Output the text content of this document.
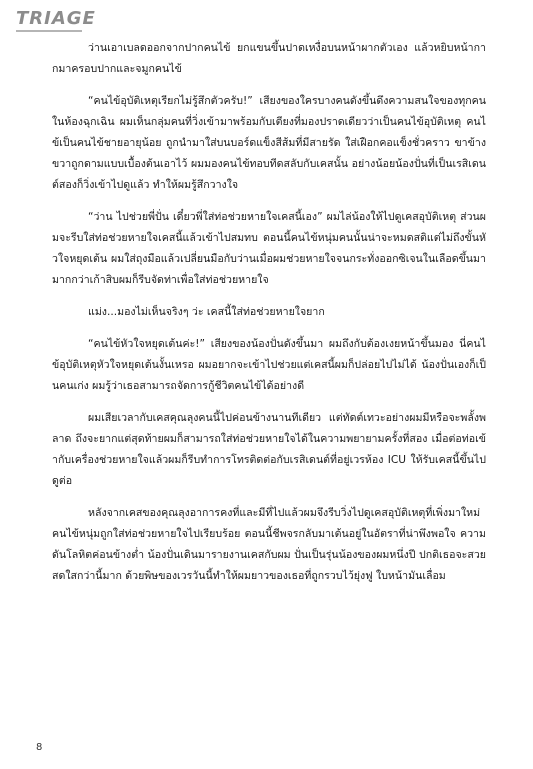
TRIAGE

ว่านเอาเบลดออกจากปากคนไข้ ยกแขนขึ้นปาดเหงื่อบนหน้าผากตัวเอง แล้วหยิบหน้ากากมาครอบปากและจมูกคนไข้

“คนไข้อุบัติเหตุเรียกไม่รู้สึกตัวครับ!” เสียงของใครบางคนดังขึ้นดึงความสนใจของทุกคนในห้องฉุกเฉิน ผมเห็นกลุ่มคนที่วิ่งเข้ามาพร้อมกับเตียงที่มองปราดเดียวว่าเป็นคนไข้อุบัติเหตุ คนไข้เป็นคนไข้ชายอายุน้อย ถูกนำมาใส่บนบอร์ดแข็งสีส้มที่มีสายรัด ใส่เฝือกคอแข็งชั่วคราว ขาข้างขวาถูกดามแบบเบื้องต้นเอาไว้ ผมมองคนไข้ทอบทีดสลับกับเคสนั้น อย่างน้อยน้องปั่นที่เป็นเรสิเดนต์สองก็วิ่งเข้าไปดูแล้ว ทำให้ผมรู้สึกวางใจ

“ว่าน ไปช่วยพี่ปั่น เดี๋ยวพี่ใส่ท่อช่วยหายใจเคสนี้เอง” ผมไล่น้องให้ไปดูเคสอุบัติเหตุ ส่วนผมจะรีบใส่ท่อช่วยหายใจเคสนี้แล้วเข้าไปสมทบ ตอนนี้คนไข้หนุ่มคนนั้นน่าจะหมดสติแต่ไม่ถึงขั้นหัวใจหยุดเต้น ผมใส่ถุงมือแล้วเปลี่ยนมือกับว่านเมื่อผมช่วยหายใจจนกระทั่งออกซิเจนในเลือดขึ้นมามากกว่าเก้าสิบผมก็รีบจัดท่าเพื่อใส่ท่อช่วยหายใจ

แม่ง...มองไม่เห็นจริงๆ ว่ะ เคสนี้ใส่ท่อช่วยหายใจยาก

“คนไข้หัวใจหยุดเต้นค่ะ!” เสียงของน้องปั่นดังขึ้นมา ผมถึงกับต้องเงยหน้าขึ้นมอง นี่คนไข้อุบัติเหตุหัวใจหยุดเต้นงั้นเหรอ ผมอยากจะเข้าไปช่วยแต่เคสนี้ผมก็ปล่อยไปไม่ได้ น้องปั่นเองก็เป็นคนเก่ง ผมรู้ว่าเธอสามารถจัดการกู้ชีวิตคนไข้ได้อย่างดี

ผมเสียเวลากับเคสคุณลุงคนนี้ไปค่อนข้างนานทีเดียว แต่ทัดต์เทวะอย่างผมมีหรือจะพลั้งพลาด ถึงจะยากแต่สุดท้ายผมก็สามารถใส่ท่อช่วยหายใจได้ในความพยายามครั้งที่สอง เมื่อต่อท่อเข้ากับเครื่องช่วยหายใจแล้วผมก็รีบทำการโทรติดต่อกับเรสิเดนต์ที่อยู่เวรห้อง ICU ให้รับเคสนี้ขึ้นไปดูต่อ

หลังจากเคสของคุณลุงอาการคงที่และมีที่ไปแล้วผมจึงรีบวิ่งไปดูเคสอุบัติเหตุที่เพิ่งมาใหม่ คนไข้หนุ่มถูกใส่ท่อช่วยหายใจไปเรียบร้อย ตอนนี้ชีพจรกลับมาเต้นอยู่ในอัตราที่น่าพึงพอใจ ความดันโลหิตค่อนข้างต่ำ น้องปั่นเดินมารายงานเคสกับผม ปั่นเป็นรุ่นน้องของผมหนึ่งปี ปกติเธอจะสวยสดใสกว่านี้มาก ด้วยพิษของเวรวันนี้ทำให้ผมยาวของเธอที่ถูกรวบไว้ยุ่งฟู ใบหน้ามันเลื่อม

8
